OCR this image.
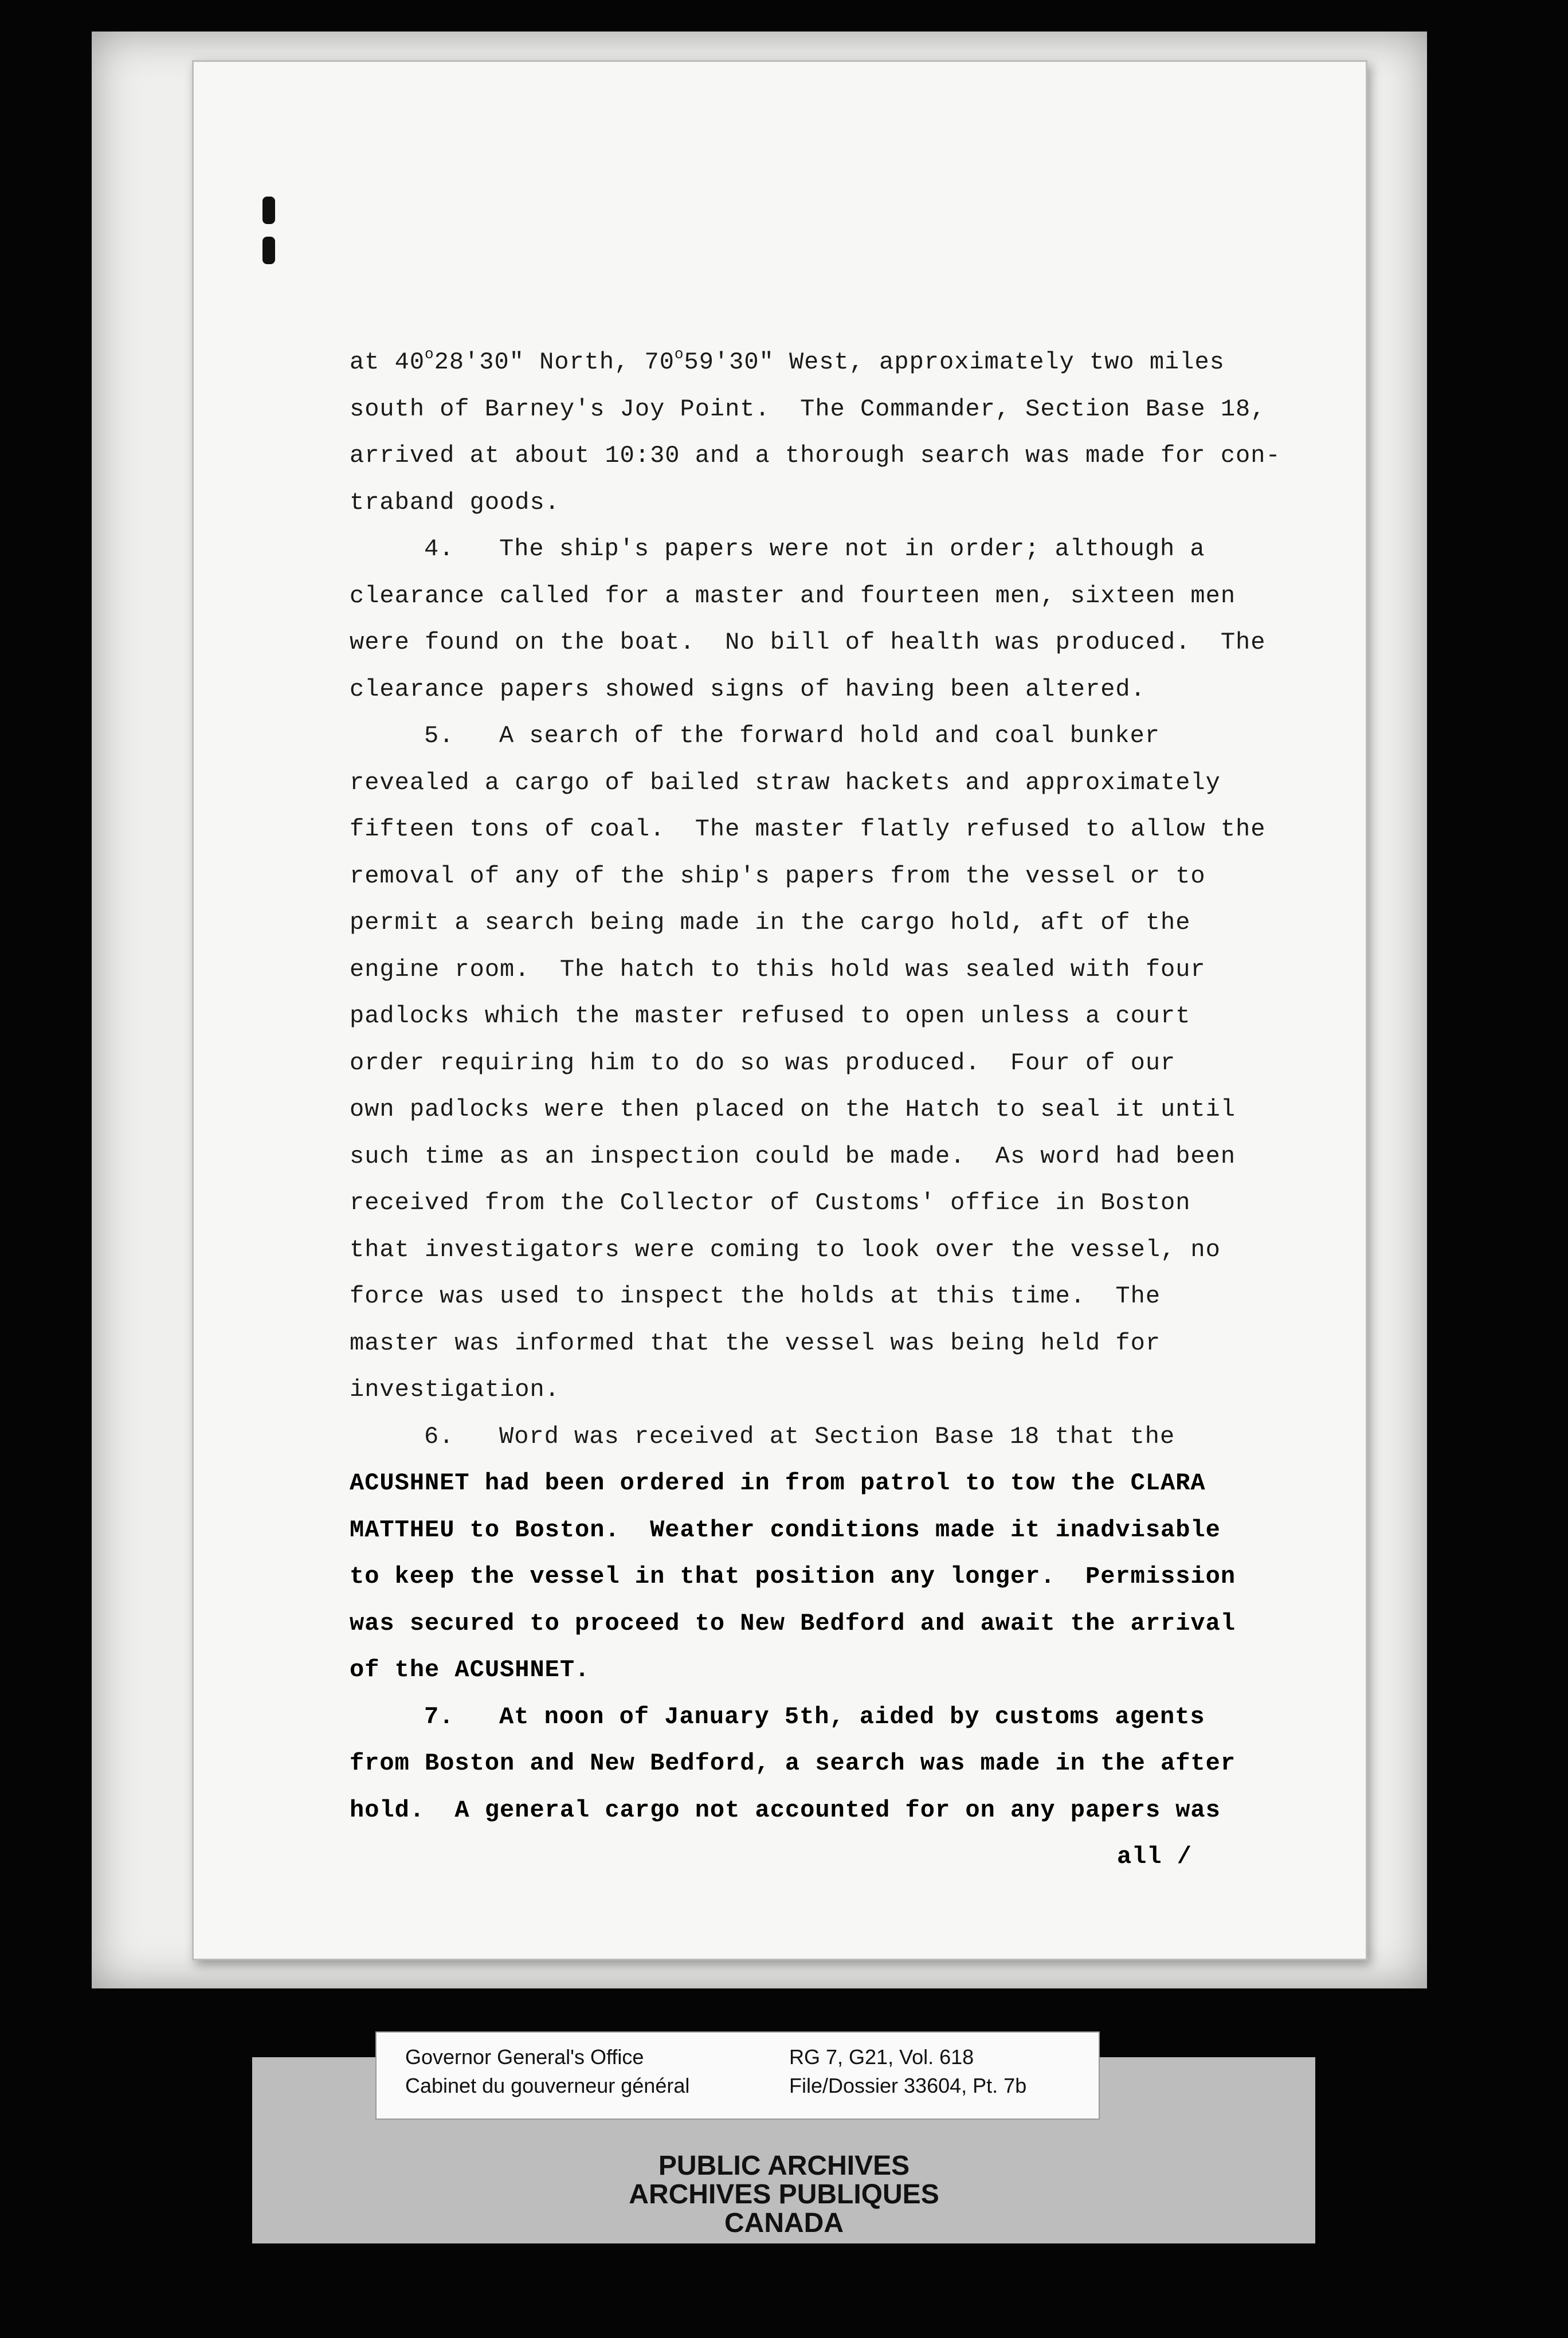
at 40$^o$28'30" North, 70$^o$59'30" West, approximately two miles
south of Barney's Joy Point.  The Commander, Section Base 18,
arrived at about 10:30 and a thorough search was made for con-
traband goods.
4.   The ship's papers were not in order; although a
clearance called for a master and fourteen men, sixteen men
were found on the boat.  No bill of health was produced.  The
clearance papers showed signs of having been altered.
5.   A search of the forward hold and coal bunker
revealed a cargo of bailed straw hackets and approximately
fifteen tons of coal.  The master flatly refused to allow the
removal of any of the ship's papers from the vessel or to
permit a search being made in the cargo hold, aft of the
engine room.  The hatch to this hold was sealed with four
padlocks which the master refused to open unless a court
order requiring him to do so was produced.  Four of our
own padlocks were then placed on the Hatch to seal it until
such time as an inspection could be made.  As word had been
received from the Collector of Customs' office in Boston
that investigators were coming to look over the vessel, no
force was used to inspect the holds at this time.  The
master was informed that the vessel was being held for
investigation.
6.   Word was received at Section Base 18 that the
ACUSHNET had been ordered in from patrol to tow the CLARA
MATTHEU to Boston.  Weather conditions made it inadvisable
to keep the vessel in that position any longer.  Permission
was secured to proceed to New Bedford and await the arrival
of the ACUSHNET.
7.   At noon of January 5th, aided by customs agents
from Boston and New Bedford, a search was made in the after
hold.  A general cargo not accounted for on any papers was
all /
Governor General's Office
Cabinet du gouverneur général
RG 7, G21, Vol. 618
File/Dossier 33604, Pt. 7b
PUBLIC ARCHIVES
ARCHIVES PUBLIQUES
CANADA
